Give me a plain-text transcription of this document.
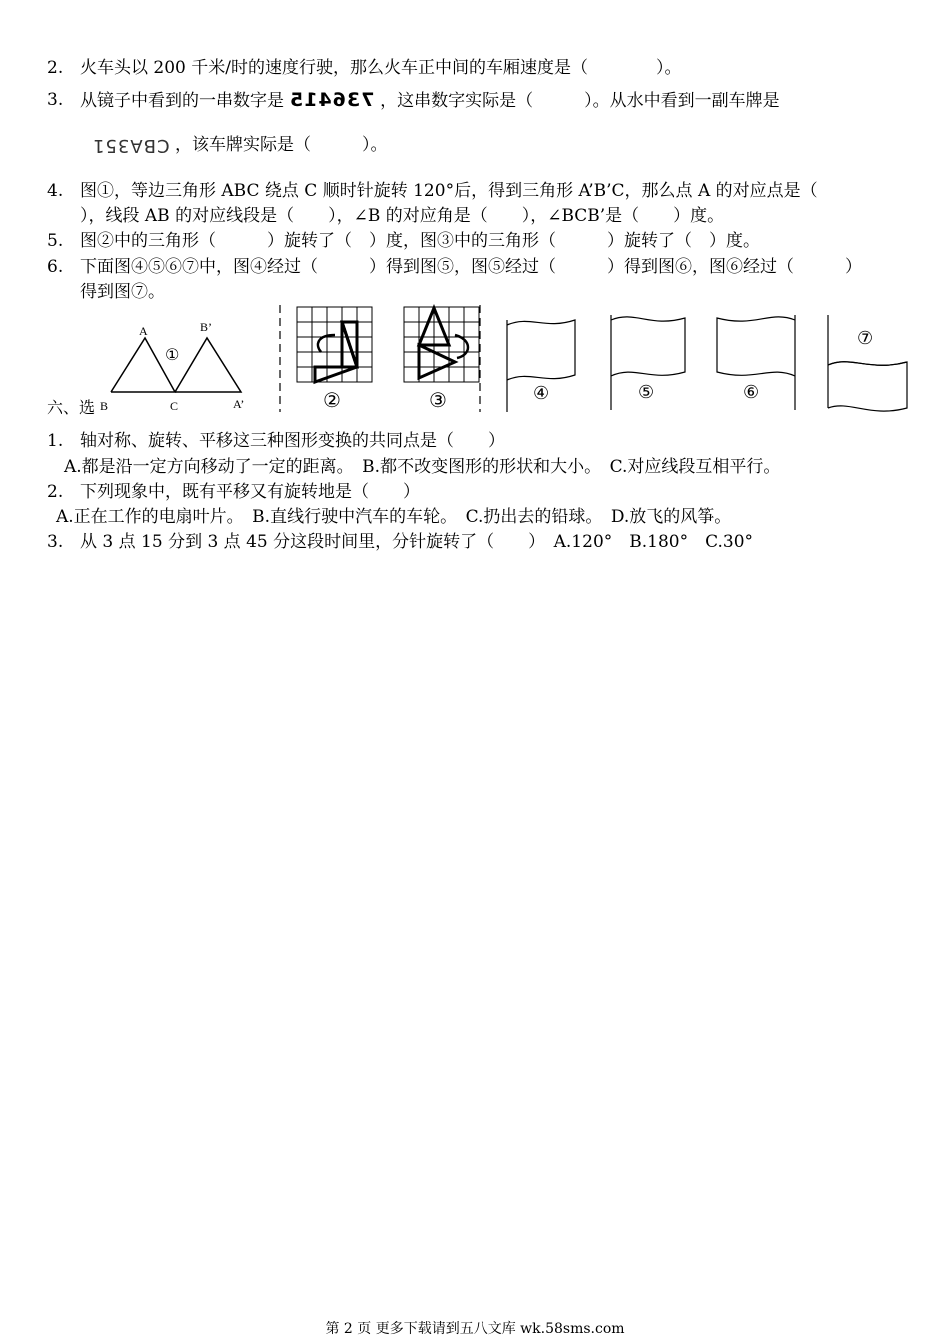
2. 火车头以 200 千米/时的速度行驶，那么火车正中间的车厢速度是（　　　　）。
3. 从镜子中看到的一串数字是 736415 ，这串数字实际是（　　　）。从水中看到一副车牌是
CBA351 ，该车牌实际是（　　　）。
4. 图①，等边三角形 ABC 绕点 C 顺时针旋转 120°后，得到三角形 A’B’C，那么点 A 的对应点是（
），线段 AB 的对应线段是（　　），∠B 的对应角是（　　），∠BCB’是（　　）度。
5. 图②中的三角形（　　　）旋转了（　）度，图③中的三角形（　　　）旋转了（　）度。
6. 下面图④⑤⑥⑦中，图④经过（　　　）得到图⑤，图⑤经过（　　　）得到图⑥，图⑥经过（　　　）
得到图⑦。
A	B’
B	C	A’
①
②	③	④	⑤	⑥
⑦
六、选
1. 轴对称、旋转、平移这三种图形变换的共同点是（　　）
A.都是沿一定方向移动了一定的距离。　B.都不改变图形的形状和大小。　C.对应线段互相平行。
2. 下列现象中，既有平移又有旋转地是（　　）
A.正在工作的电扇叶片。　B.直线行驶中汽车的车轮。　C.扔出去的铅球。　D.放飞的风筝。
3. 从 3 点 15 分到 3 点 45 分这段时间里，分针旋转了（　　）　A.120°　B.180°　C.30°
第 2 页 更多下载请到五八文库 wk.58sms.com
